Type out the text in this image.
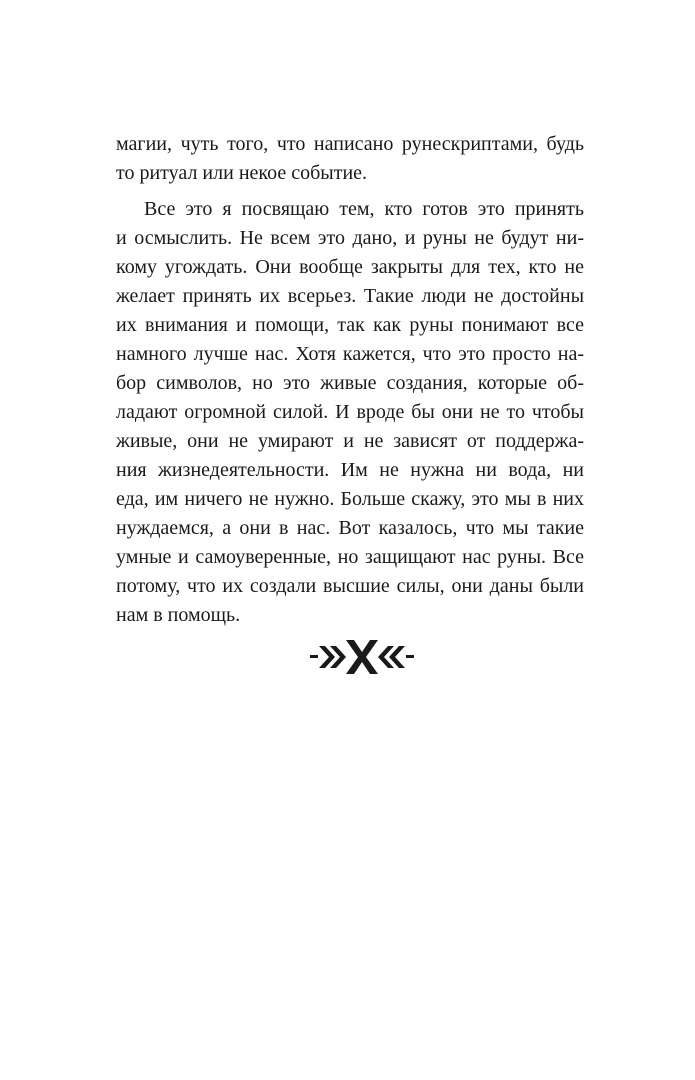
магии, чуть того, что написано рунескриптами, будь
то ритуал или некое событие.
Все это я посвящаю тем, кто готов это принять
и осмыслить. Не всем это дано, и руны не будут ни-
кому угождать. Они вообще закрыты для тех, кто не
желает принять их всерьез. Такие люди не достойны
их внимания и помощи, так как руны понимают все
намного лучше нас. Хотя кажется, что это просто на-
бор символов, но это живые создания, которые об-
ладают огромной силой. И вроде бы они не то чтобы
живые, они не умирают и не зависят от поддержа-
ния жизнедеятельности. Им не нужна ни вода, ни
еда, им ничего не нужно. Больше скажу, это мы в них
нуждаемся, а они в нас. Вот казалось, что мы такие
умные и самоуверенные, но защищают нас руны. Все
потому, что их создали высшие силы, они даны были
нам в помощь.
